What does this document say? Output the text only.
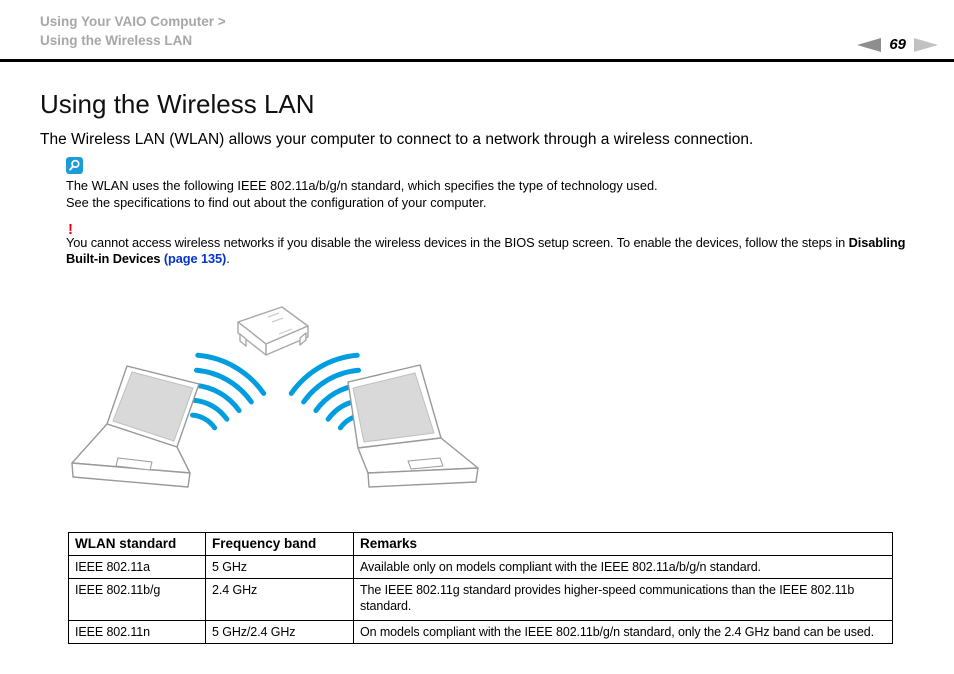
Using Your VAIO Computer >
Using the Wireless LAN	69
Using the Wireless LAN
The Wireless LAN (WLAN) allows your computer to connect to a network through a wireless connection.
The WLAN uses the following IEEE 802.11a/b/g/n standard, which specifies the type of technology used.
See the specifications to find out about the configuration of your computer.
!
You cannot access wireless networks if you disable the wireless devices in the BIOS setup screen. To enable the devices, follow the steps in Disabling Built-in Devices (page 135).
WLAN standard	Frequency band	Remarks
IEEE 802.11a	5 GHz	Available only on models compliant with the IEEE 802.11a/b/g/n standard.
IEEE 802.11b/g	2.4 GHz	The IEEE 802.11g standard provides higher-speed communications than the IEEE 802.11b standard.
IEEE 802.11n	5 GHz/2.4 GHz	On models compliant with the IEEE 802.11b/g/n standard, only the 2.4 GHz band can be used.
